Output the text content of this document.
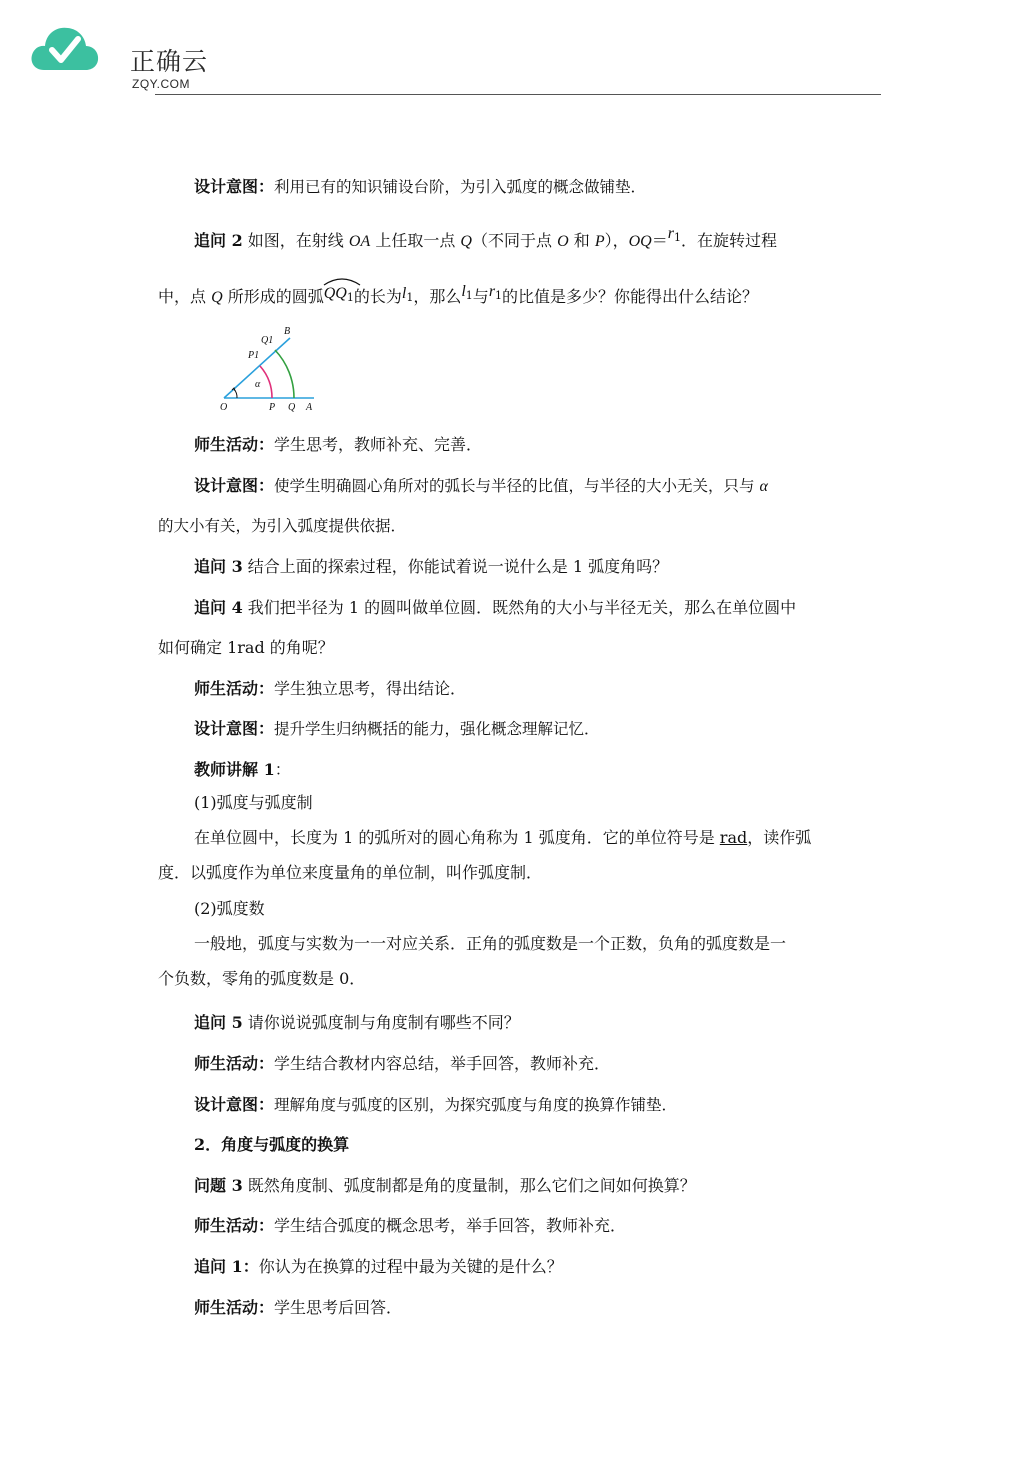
正确云
ZQY.COM
设计意图：利用已有的知识铺设台阶，为引入弧度的概念做铺垫．
追问 2 如图，在射线 OA 上任取一点 Q（不同于点 O 和 P），$OQ=r_1$．在旋转过程
中，点 Q 所形成的圆弧
$QQ_1$的长为$l_1$，那么$l_1$与$r_1$的比值是多少？你能得出什么结论？
B
Q1
P1
α
O	P Q A
师生活动：学生思考，教师补充、完善．
设计意图：使学生明确圆心角所对的弧长与半径的比值，与半径的大小无关，只与 α
的大小有关，为引入弧度提供依据．
追问 3 结合上面的探索过程，你能试着说一说什么是 1 弧度角吗？
追问 4 我们把半径为 1 的圆叫做单位圆．既然角的大小与半径无关，那么在单位圆中
如何确定 1rad 的角呢？
师生活动：学生独立思考，得出结论．
设计意图：提升学生归纳概括的能力，强化概念理解记忆．
教师讲解 1：
(1)弧度与弧度制
在单位圆中，长度为 1 的弧所对的圆心角称为 1 弧度角．它的单位符号是 rad，读作弧
度．以弧度作为单位来度量角的单位制，叫作弧度制．
(2)弧度数
一般地，弧度与实数为一一对应关系．正角的弧度数是一个正数，负角的弧度数是一
个负数，零角的弧度数是 0．
追问 5 请你说说弧度制与角度制有哪些不同？
师生活动：学生结合教材内容总结，举手回答，教师补充．
设计意图：理解角度与弧度的区别，为探究弧度与角度的换算作铺垫．
2．角度与弧度的换算
问题 3 既然角度制、弧度制都是角的度量制，那么它们之间如何换算？
师生活动：学生结合弧度的概念思考，举手回答，教师补充．
追问 1：你认为在换算的过程中最为关键的是什么？
师生活动：学生思考后回答．
